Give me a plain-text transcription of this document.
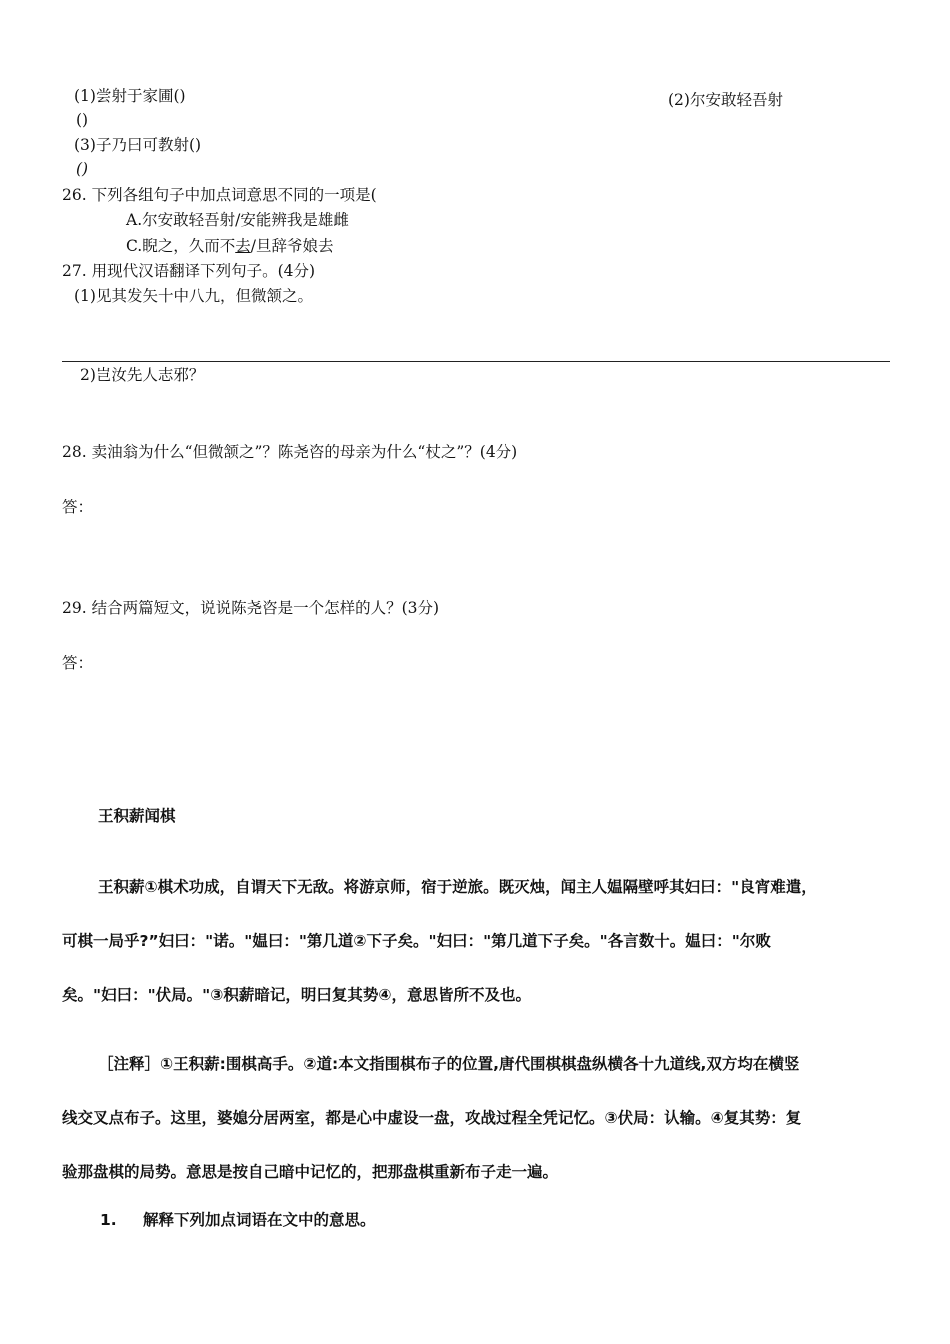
(1)尝射于家圃()	(2)尔安敢轻吾射
()
(3)子乃曰可教射()
()
26. 下列各组句子中加点词意思不同的一项是(
A.尔安敢轻吾射/安能辨我是雄雌
C.睨之，久而不去/旦辞爷娘去
27. 用现代汉语翻译下列句子。(4分)
(1)见其发矢十中八九，但微颔之。
2)岂汝先人志邪？
28. 卖油翁为什么“但微颔之”？陈尧咨的母亲为什么“杖之”？(4分)
答：
29. 结合两篇短文，说说陈尧咨是一个怎样的人？(3分)
答：
王积薪闻棋
王积薪①棋术功成，自谓天下无敌。将游京师，宿于逆旅。既灭烛，闻主人媪隔壁呼其妇曰："良宵难遣，
可棋一局乎?”妇曰："诺。"媪曰："第几道②下子矣。"妇曰："第几道下子矣。"各言数十。媪曰："尔败
矣。"妇曰："伏局。"③积薪暗记，明曰复其势④，意思皆所不及也。
［注释］①王积薪:围棋高手。②道:本文指围棋布子的位置,唐代围棋棋盘纵横各十九道线,双方均在横竖
线交叉点布子。这里，婆媳分居两室，都是心中虚设一盘，攻战过程全凭记忆。③伏局：认输。④复其势：复
验那盘棋的局势。意思是按自己暗中记忆的，把那盘棋重新布子走一遍。
1. 解释下列加点词语在文中的意思。
